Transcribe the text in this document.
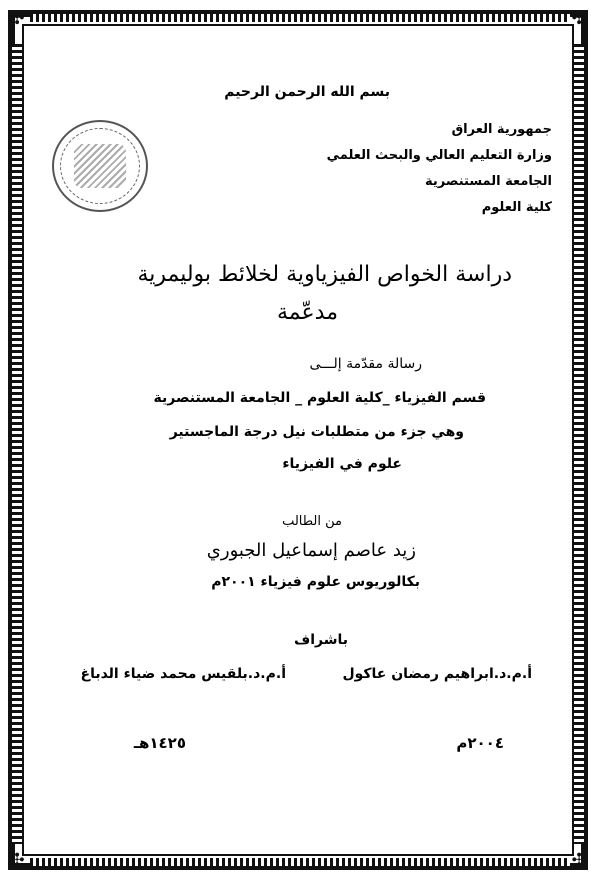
✣	✣
✣	✣
بسم الله الرحمن الرحيم
جمهورية العراق
وزارة التعليم العالي والبحث العلمي
الجامعة المستنصرية
كلية العلوم
دراسة الخواص الفيزياوية لخلائط بوليمرية
مدعّمة
رسالة مقدّمة إلـــى
قسم الفيزياء _كلية العلوم _ الجامعة المستنصرية
وهي جزء من متطلبات نيل درجة الماجستير
علوم في الفيزياء
من الطالب
زيد عاصم إسماعيل الجبوري
بكالوريوس علوم فيزياء ٢٠٠١م
باشراف
أ.م.د.ابراهيم رمضان عاكول
أ.م.د.بلقيس محمد ضياء الدباغ
٢٠٠٤م
١٤٢٥هـ
